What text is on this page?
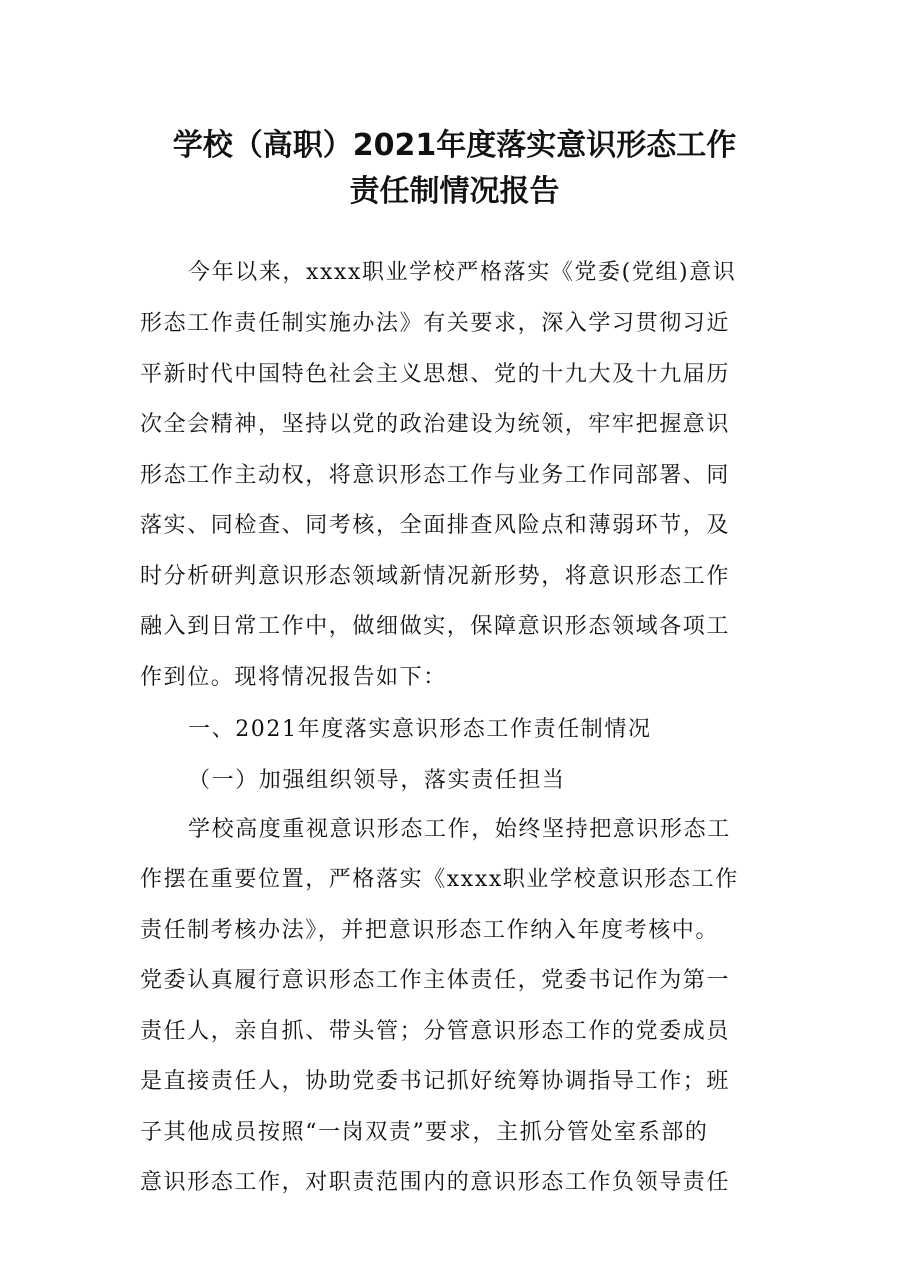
学校（高职）2021年度落实意识形态工作
责任制情况报告
今年以来，xxxx职业学校严格落实《党委(党组)意识
形态工作责任制实施办法》有关要求，深入学习贯彻习近
平新时代中国特色社会主义思想、党的十九大及十九届历
次全会精神，坚持以党的政治建设为统领，牢牢把握意识
形态工作主动权，将意识形态工作与业务工作同部署、同
落实、同检查、同考核，全面排查风险点和薄弱环节，及
时分析研判意识形态领域新情况新形势，将意识形态工作
融入到日常工作中，做细做实，保障意识形态领域各项工
作到位。现将情况报告如下：
一、2021年度落实意识形态工作责任制情况
（一）加强组织领导，落实责任担当
学校高度重视意识形态工作，始终坚持把意识形态工
作摆在重要位置，严格落实《xxxx职业学校意识形态工作
责任制考核办法》，并把意识形态工作纳入年度考核中。
党委认真履行意识形态工作主体责任，党委书记作为第一
责任人，亲自抓、带头管；分管意识形态工作的党委成员
是直接责任人，协助党委书记抓好统筹协调指导工作；班
子其他成员按照“一岗双责”要求，主抓分管处室系部的
意识形态工作，对职责范围内的意识形态工作负领导责任
